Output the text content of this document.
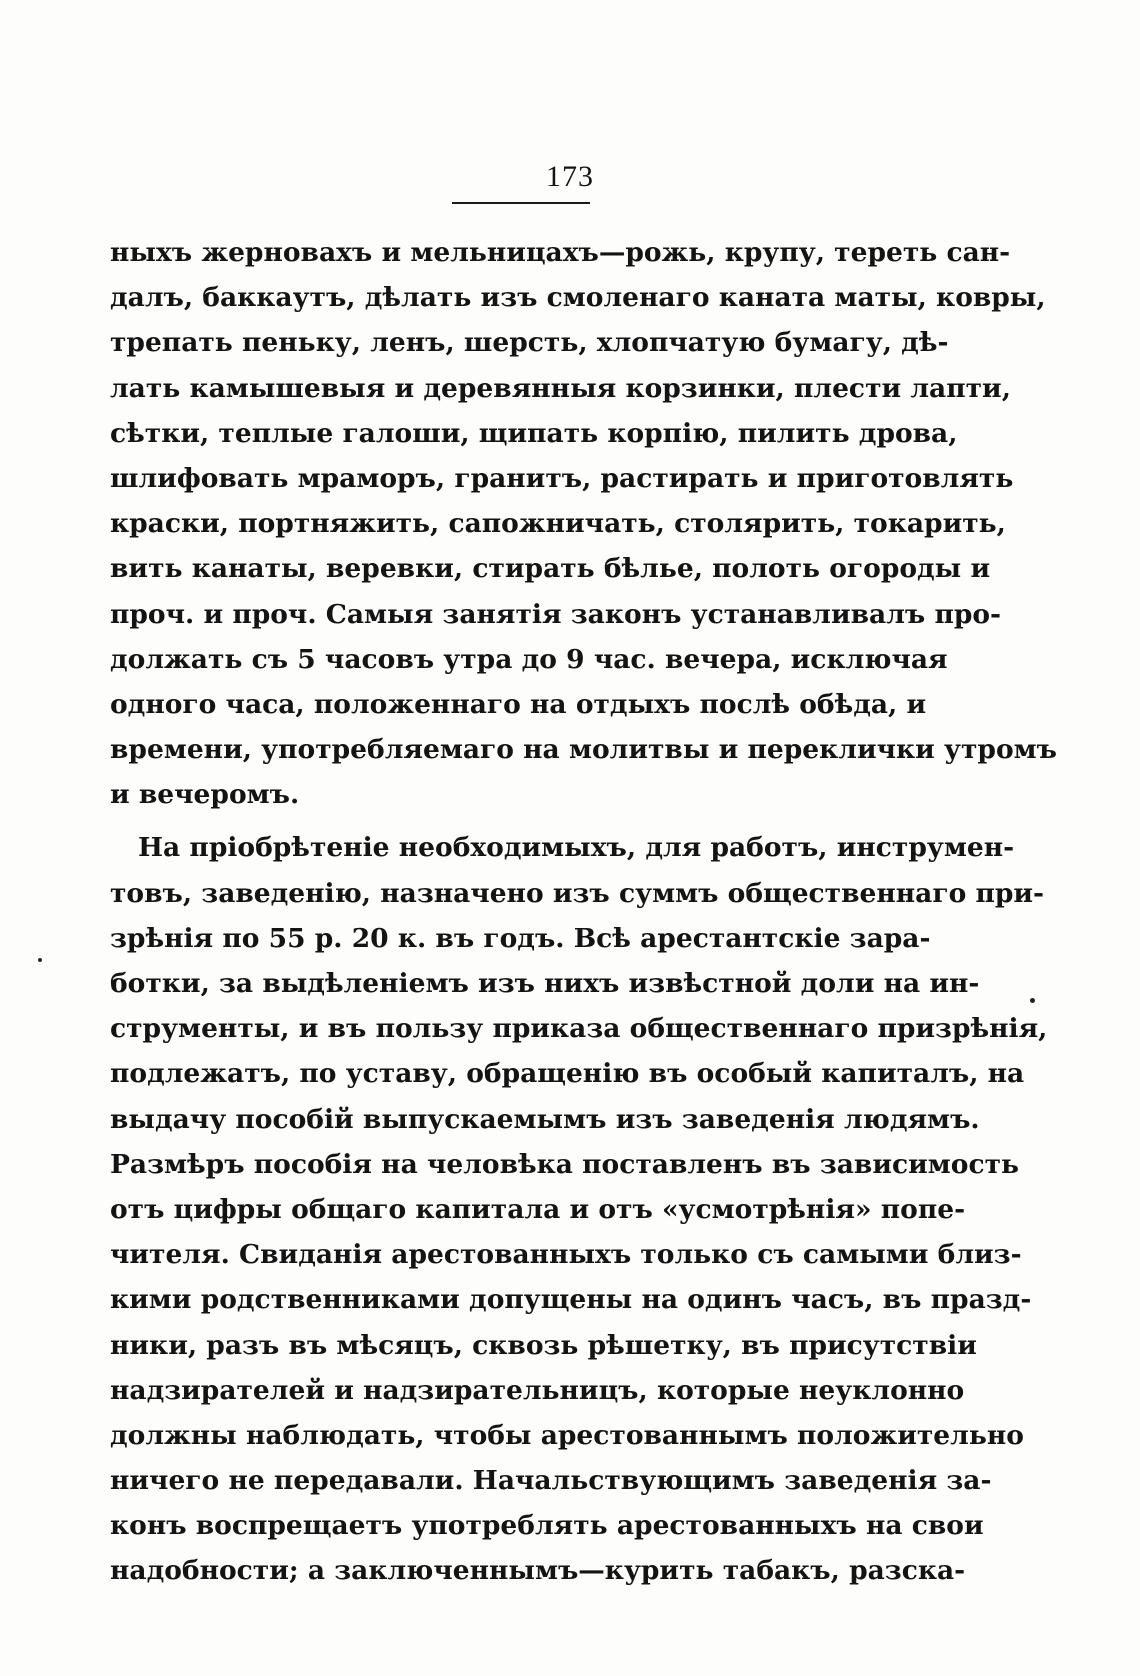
173
ныхъ жерновахъ и мельницахъ—рожь, крупу, тереть сан-
далъ, баккаутъ, дѣлать изъ смоленаго каната маты, ковры,
трепать пеньку, ленъ, шерсть, хлопчатую бумагу, дѣ-
лать камышевыя и деревянныя корзинки, плести лапти,
сѣтки, теплые галоши, щипать корпію, пилить дрова,
шлифовать мраморъ, гранитъ, растирать и приготовлять
краски, портняжить, сапожничать, столярить, токарить,
вить канаты, веревки, стирать бѣлье, полоть огороды и
проч. и проч. Самыя занятія законъ устанавливалъ про-
должать съ 5 часовъ утра до 9 час. вечера, исключая
одного часа, положеннаго на отдыхъ послѣ обѣда, и
времени, употребляемаго на молитвы и переклички утромъ
и вечеромъ.
На пріобрѣтеніе необходимыхъ, для работъ, инструмен-
товъ, заведенію, назначено изъ суммъ общественнаго при-
зрѣнія по 55 р. 20 к. въ годъ. Всѣ арестантскіе зара-
ботки, за выдѣленіемъ изъ нихъ извѣстной доли на ин-
струменты, и въ пользу приказа общественнаго призрѣнія,
подлежатъ, по уставу, обращенію въ особый капиталъ, на
выдачу пособій выпускаемымъ изъ заведенія людямъ.
Размѣръ пособія на человѣка поставленъ въ зависимость
отъ цифры общаго капитала и отъ «усмотрѣнія» попе-
чителя. Свиданія арестованныхъ только съ самыми близ-
кими родственниками допущены на одинъ часъ, въ празд-
ники, разъ въ мѣсяцъ, сквозь рѣшетку, въ присутствіи
надзирателей и надзирательницъ, которые неуклонно
должны наблюдать, чтобы арестованнымъ положительно
ничего не передавали. Начальствующимъ заведенія за-
конъ воспрещаетъ употреблять арестованныхъ на свои
надобности; а заключеннымъ—курить табакъ, разска-
